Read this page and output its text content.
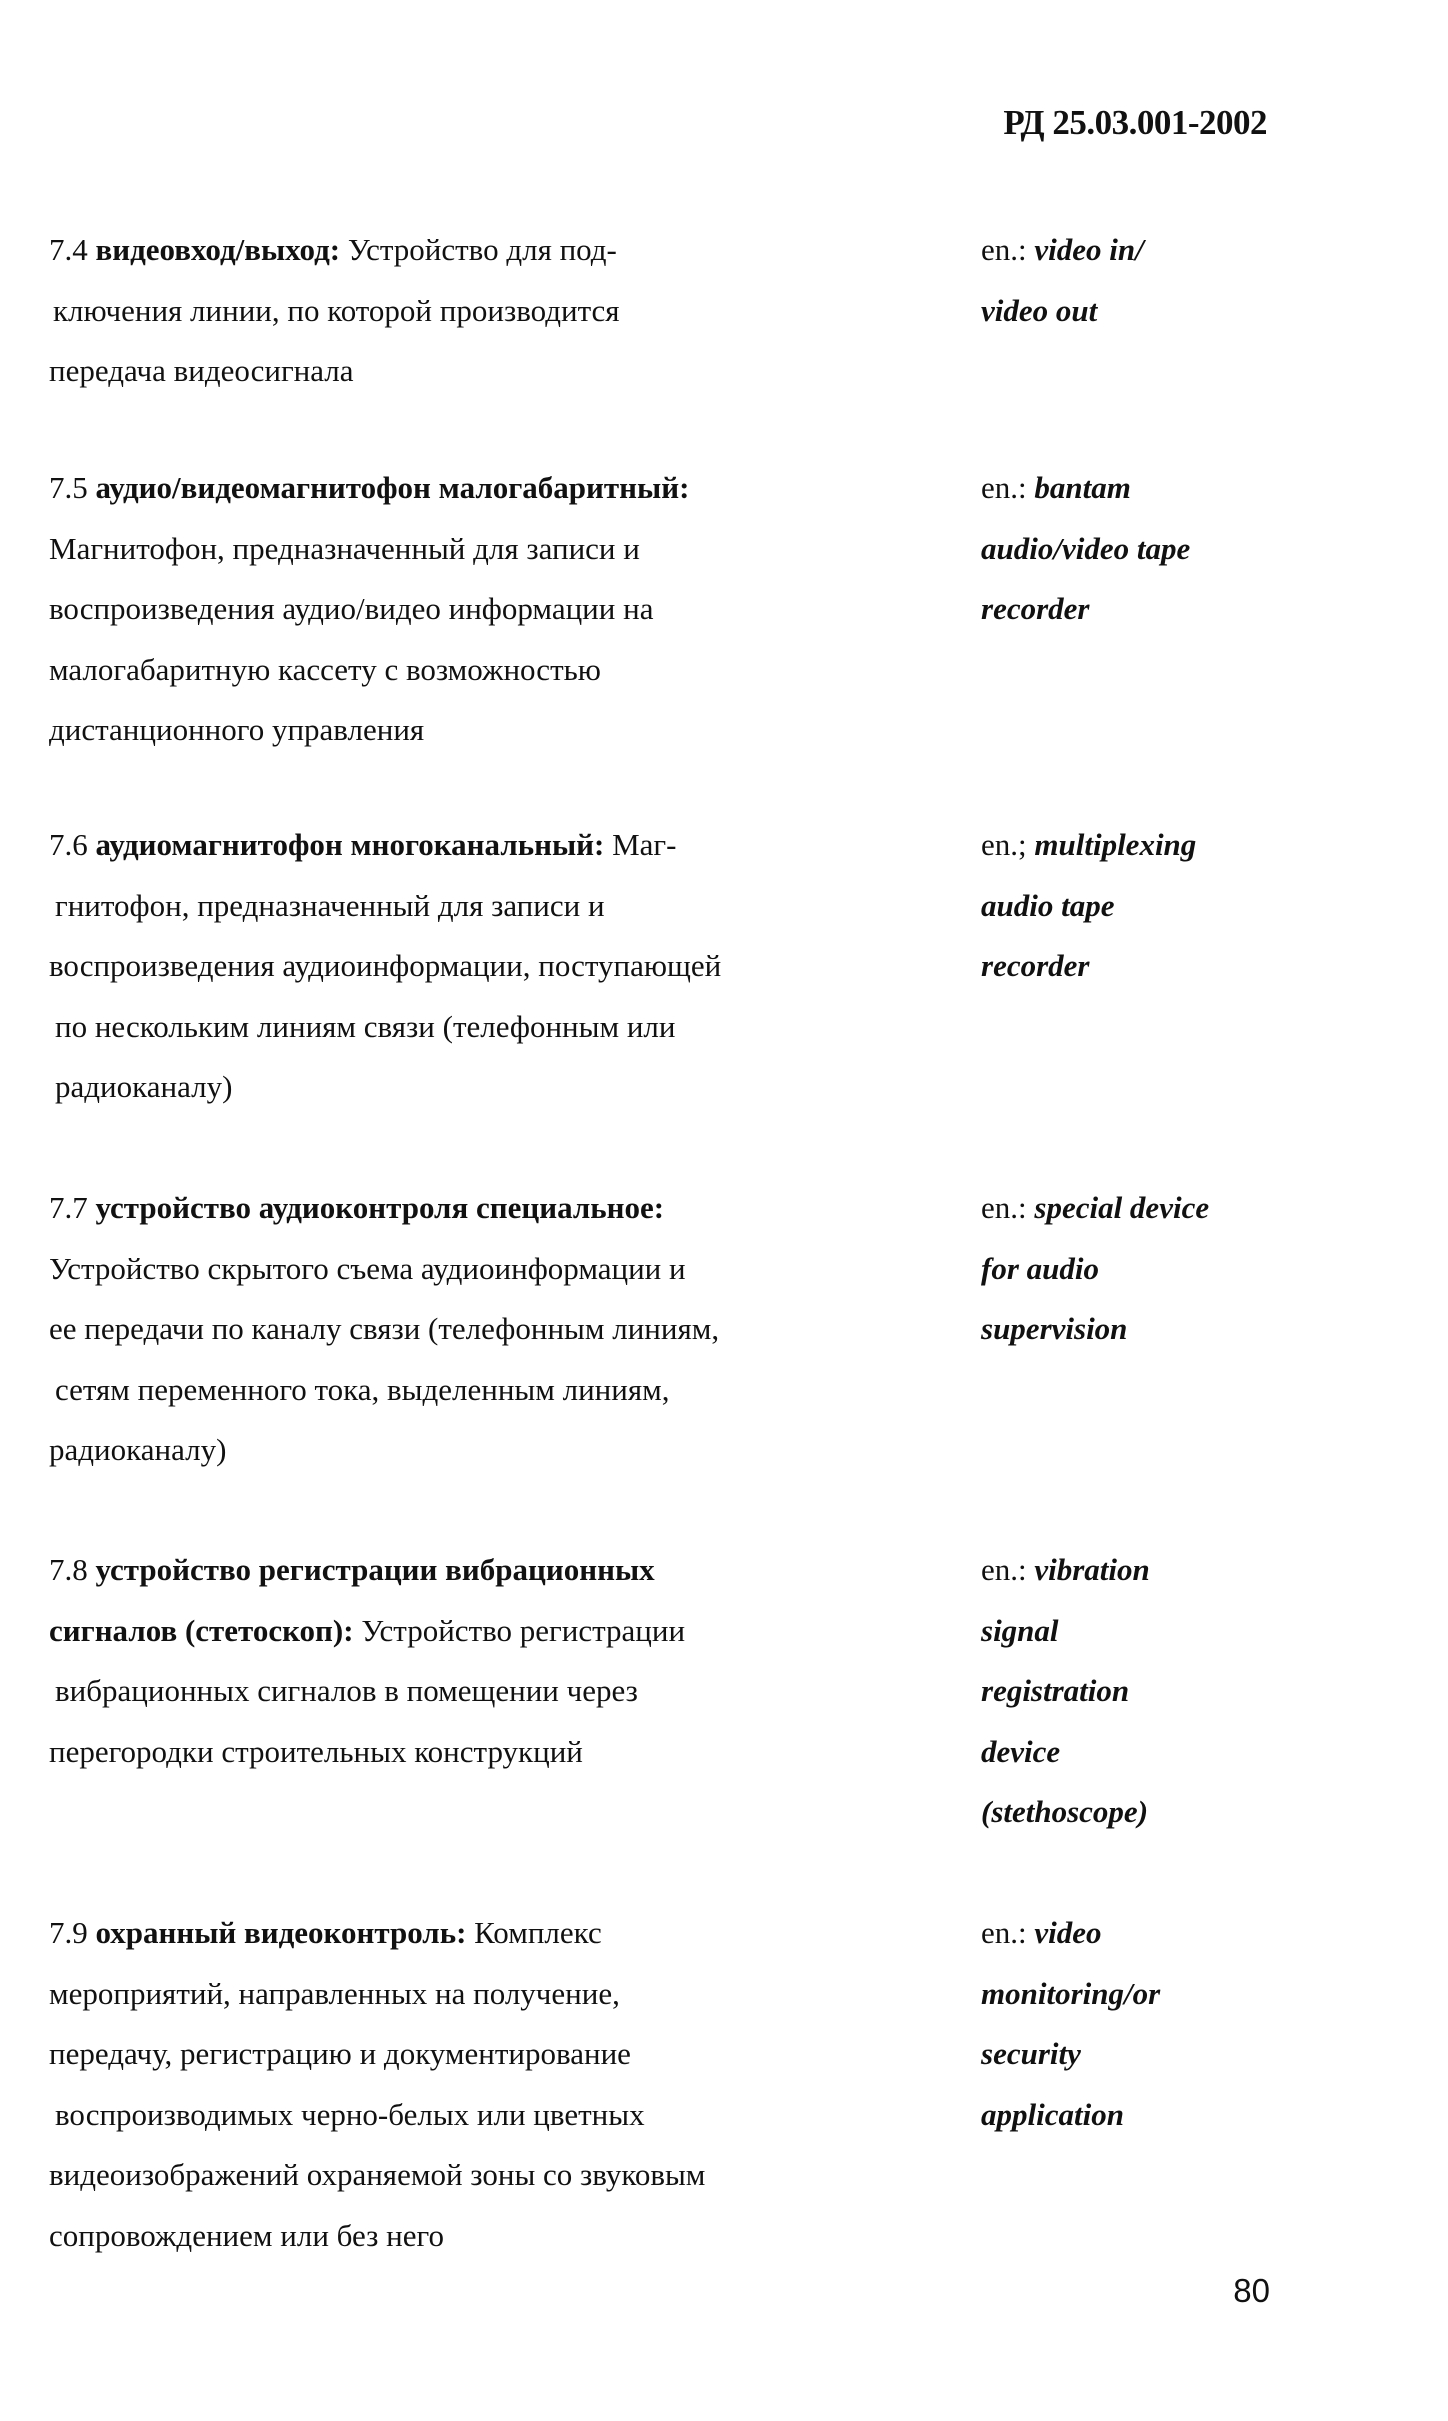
РД 25.03.001-2002
7.4 видеовход/выход: Устройство для под-
ключения линии, по которой производится
передача видеосигнала
en.: video in/
video out
7.5 аудио/видеомагнитофон малогабаритный:
Магнитофон, предназначенный для записи и
воспроизведения аудио/видео информации на
малогабаритную кассету с возможностью
дистанционного управления
en.: bantam
audio/video tape
recorder
7.6 аудиомагнитофон многоканальный: Маг-
гнитофон, предназначенный для записи и
воспроизведения аудиоинформации, поступающей
по нескольким линиям связи (телефонным или
радиоканалу)
en.; multiplexing
audio tape
recorder
7.7 устройство аудиоконтроля специальное:
Устройство скрытого съема аудиоинформации и
ее передачи по каналу связи (телефонным линиям,
сетям переменного тока, выделенным линиям,
радиоканалу)
en.: special device
for audio
supervision
7.8 устройство регистрации вибрационных
сигналов (стетоскоп): Устройство регистрации
вибрационных сигналов в помещении через
перегородки строительных конструкций
en.: vibration
signal
registration
device
(stethoscope)
7.9 охранный видеоконтроль: Комплекс
мероприятий, направленных на получение,
передачу, регистрацию и документирование
воспроизводимых черно-белых или цветных
видеоизображений охраняемой зоны со звуковым
сопровождением или без него
en.: video
monitoring/or
security
application
80
